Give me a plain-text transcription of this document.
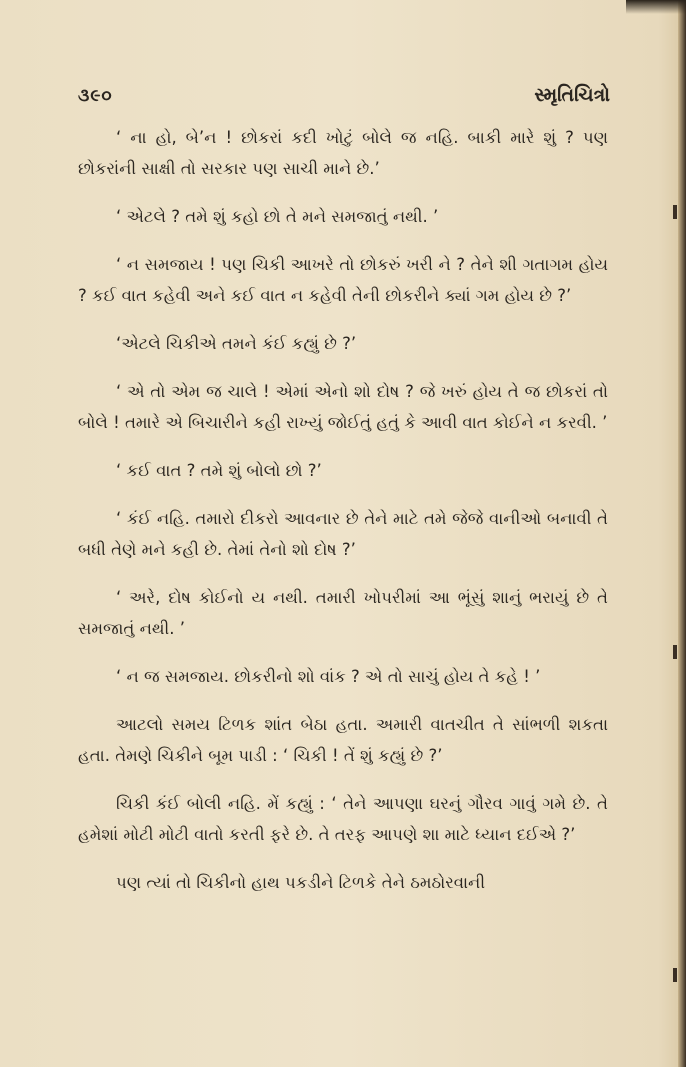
૩૯૦	સ્મૃતિચિત્રો

‘ ના હો, બે’ન ! છોકરાં કદી ખોટું બોલે જ નહિ. બાકી મારે શું ? પણ છોકરાંની સાક્ષી તો સરકાર પણ સાચી માને છે.’

‘ એટલે ? તમે શું કહો છો તે મને સમજાતું નથી. ’

‘ ન સમજાય ! પણ ચિકી આખરે તો છોકરું ખરી ને ? તેને શી ગતાગમ હોય ? કઈ વાત કહેવી અને કઈ વાત ન કહેવી તેની છોકરીને ક્યાં ગમ હોય છે ?’

‘એટલે ચિકીએ તમને કંઈ કહ્યું છે ?’

‘ એ તો એમ જ ચાલે ! એમાં એનો શો દોષ ? જે ખરું હોય તે જ છોકરાં તો બોલે ! તમારે એ બિચારીને કહી રાખ્યું જોઈતું હતું કે આવી વાત કોઈને ન કરવી. ’

‘ કઈ વાત ? તમે શું બોલો છો ?’

‘ કંઈ નહિ. તમારો દીકરો આવનાર છે તેને માટે તમે જેજે વાનીઓ બનાવી તે બધી તેણે મને કહી છે. તેમાં તેનો શો દોષ ?’

‘ અરે, દોષ કોઈનો ય નથી. તમારી ખોપરીમાં આ ભૂંસું શાનું ભરાયું છે તે સમજાતું નથી. ’

‘ ન જ સમજાય. છોકરીનો શો વાંક ? એ તો સાચું હોય તે કહે ! ’

આટલો સમય ટિળક શાંત બેઠા હતા. અમારી વાતચીત તે સાંભળી શકતા હતા. તેમણે ચિકીને બૂમ પાડી : ‘ ચિકી ! તેં શું કહ્યું છે ?’

ચિકી કંઈ બોલી નહિ. મેં કહ્યું : ‘ તેને આપણા ઘરનું ગૌરવ ગાવું ગમે છે. તે હમેશાં મોટી મોટી વાતો કરતી ફરે છે. તે તરફ આપણે શા માટે ધ્યાન દઈએ ?’

પણ ત્યાં તો ચિકીનો હાથ પકડીને ટિળકે તેને ઠમઠોરવાની
